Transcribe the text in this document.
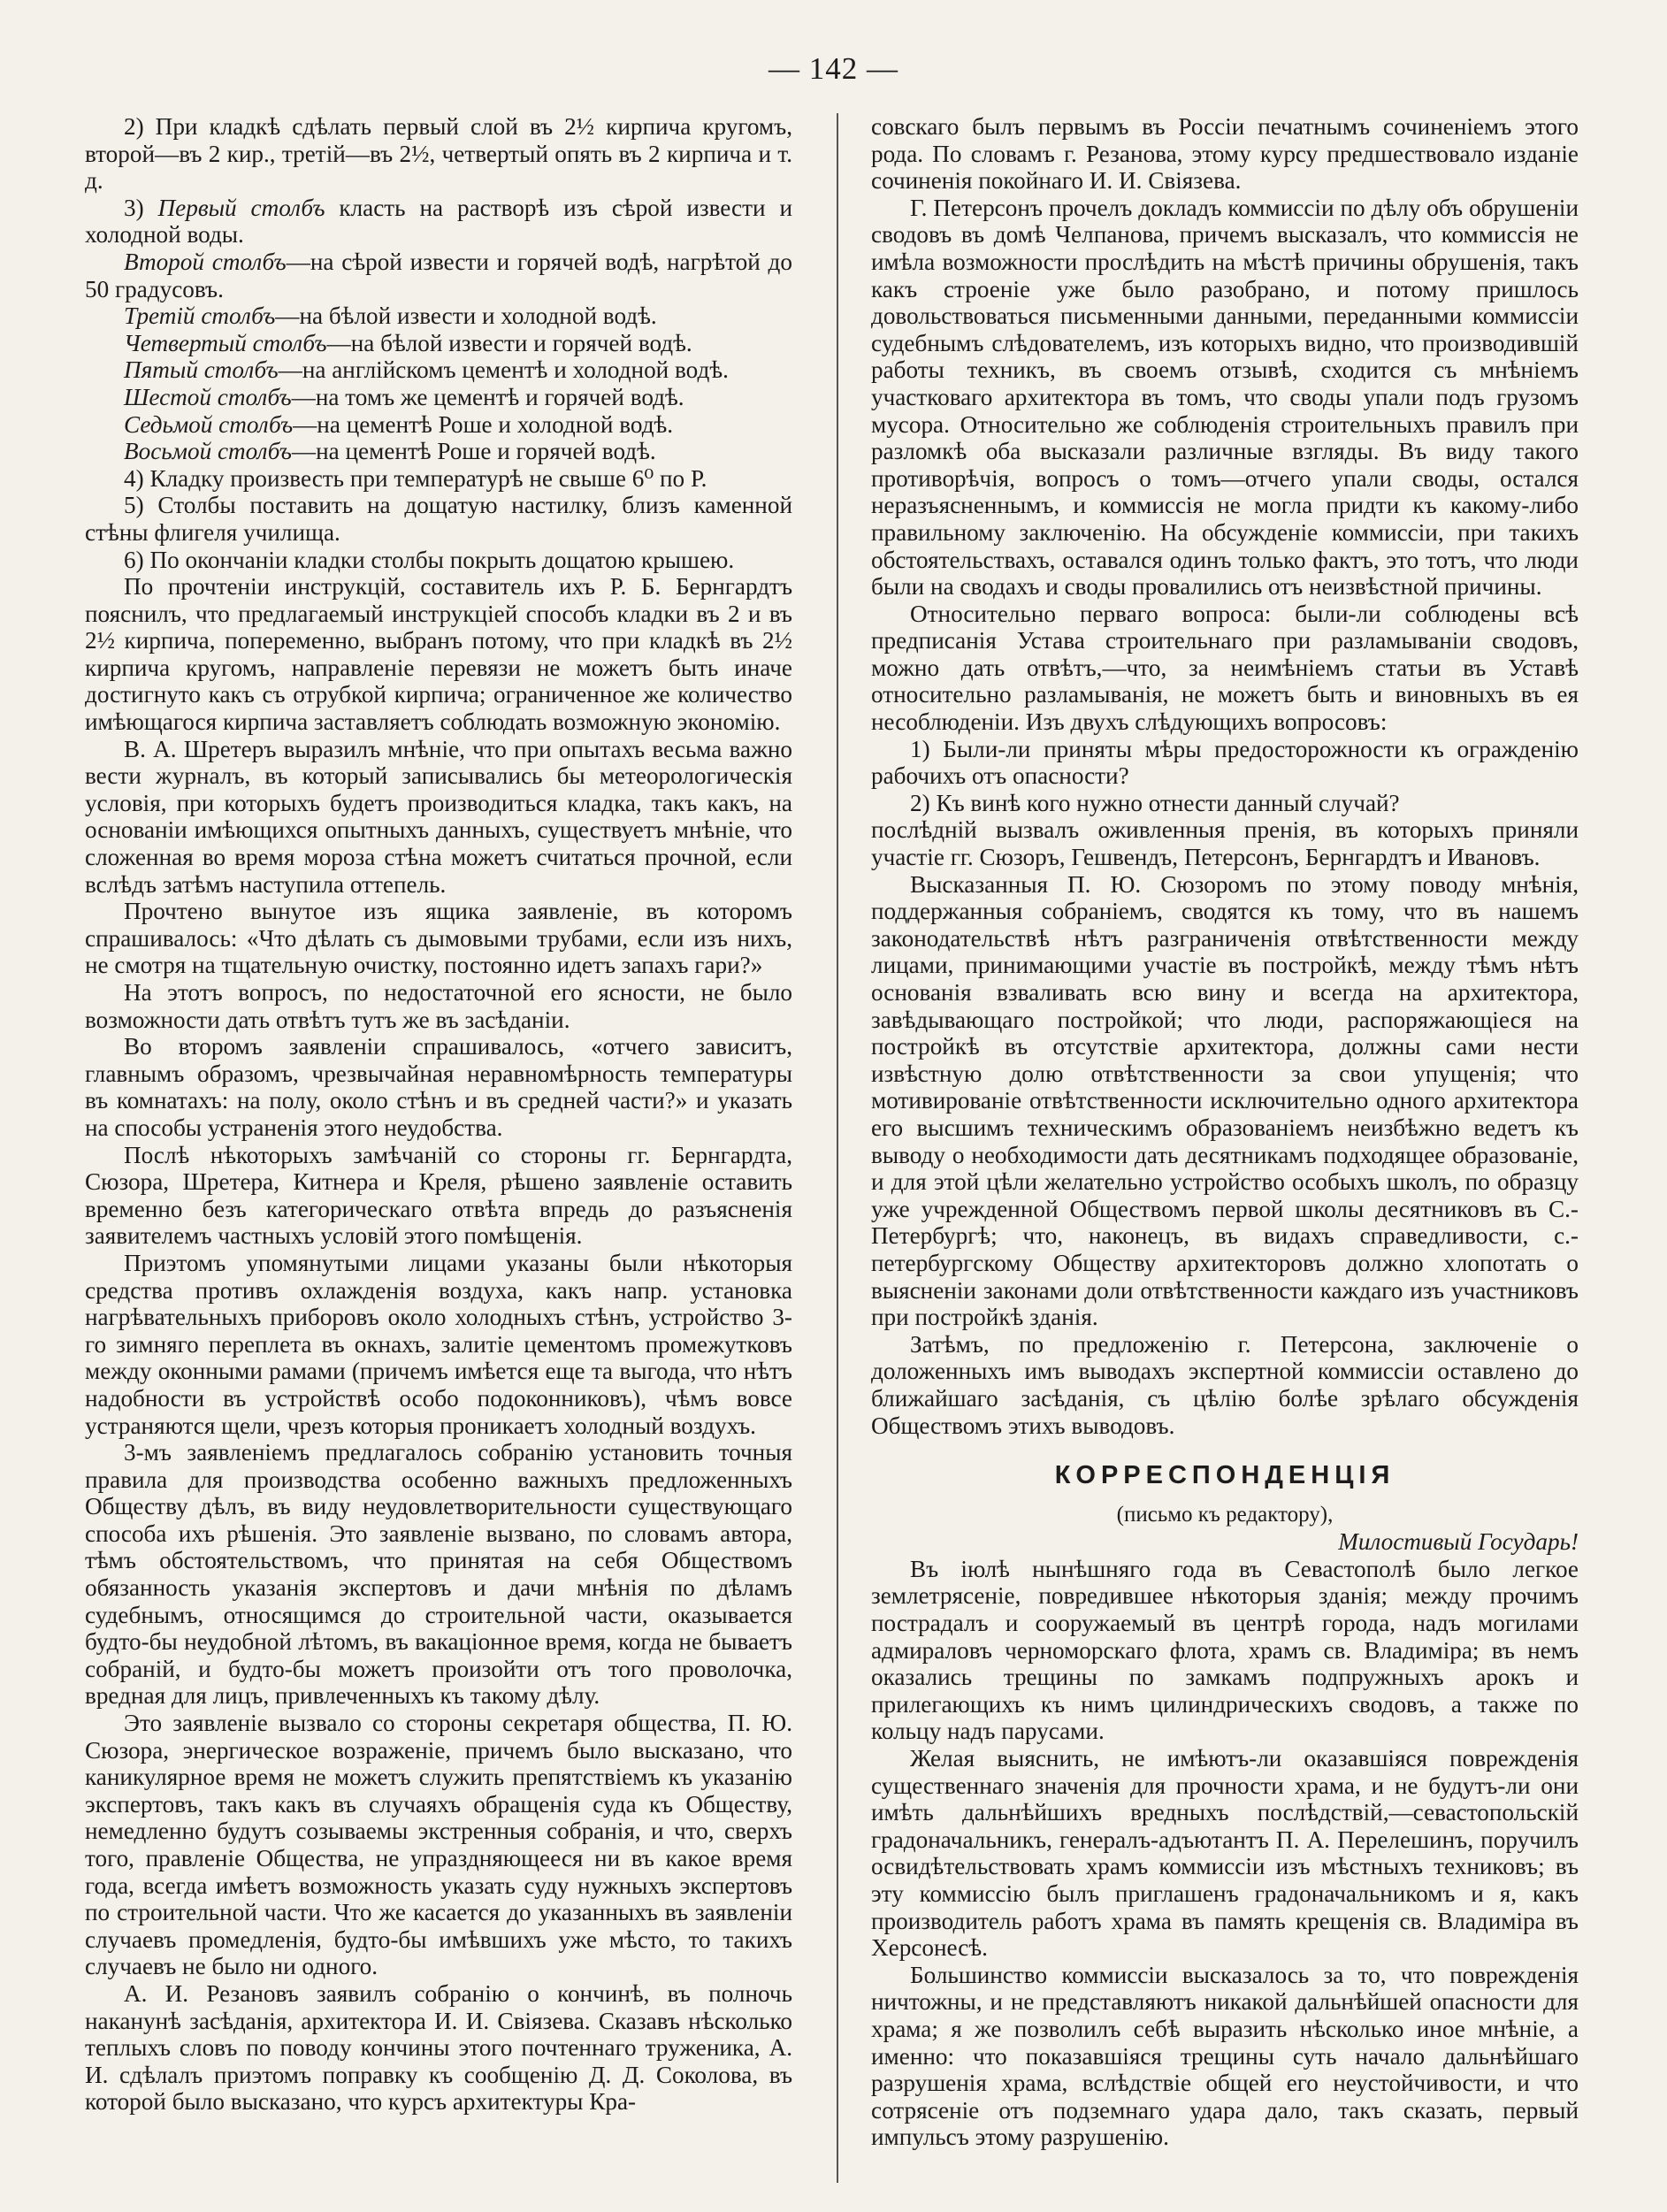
— 142 —

2) При кладкѣ сдѣлать первый слой въ 2½ кирпича кругомъ, второй—въ 2 кир., третій—въ 2½, четвертый опять въ 2 кирпича и т. д.

3) Первый столбъ класть на растворѣ изъ сѣрой извести и холодной воды.

Второй столбъ—на сѣрой извести и горячей водѣ, нагрѣтой до 50 градусовъ.

Третій столбъ—на бѣлой извести и холодной водѣ.

Четвертый столбъ—на бѣлой извести и горячей водѣ.

Пятый столбъ—на англійскомъ цементѣ и холодной водѣ.

Шестой столбъ—на томъ же цементѣ и горячей водѣ.

Седьмой столбъ—на цементѣ Роше и холодной водѣ.

Восьмой столбъ—на цементѣ Роше и горячей водѣ.

4) Кладку произвесть при температурѣ не свыше 6⁰ по Р.

5) Столбы поставить на дощатую настилку, близъ каменной стѣны флигеля училища.

6) По окончаніи кладки столбы покрыть дощатою крышею.

По прочтеніи инструкцій, составитель ихъ Р. Б. Бернгардтъ пояснилъ, что предлагаемый инструкціей способъ кладки въ 2 и въ 2½ кирпича, попеременно, выбранъ потому, что при кладкѣ въ 2½ кирпича кругомъ, направленіе перевязи не можетъ быть иначе достигнуто какъ съ отрубкой кирпича; ограниченное же количество имѣющагося кирпича заставляетъ соблюдать возможную экономію.

В. А. Шретеръ выразилъ мнѣніе, что при опытахъ весьма важно вести журналъ, въ который записывались бы метеорологическія условія, при которыхъ будетъ производиться кладка, такъ какъ, на основаніи имѣющихся опытныхъ данныхъ, существуетъ мнѣніе, что сложенная во время мороза стѣна можетъ считаться прочной, если вслѣдъ затѣмъ наступила оттепель.

Прочтено вынутое изъ ящика заявленіе, въ которомъ спрашивалось: «Что дѣлать съ дымовыми трубами, если изъ нихъ, не смотря на тщательную очистку, постоянно идетъ запахъ гари?»

На этотъ вопросъ, по недостаточной его ясности, не было возможности дать отвѣтъ тутъ же въ засѣданіи.

Во второмъ заявленіи спрашивалось, «отчего зависитъ, главнымъ образомъ, чрезвычайная неравномѣрность температуры въ комнатахъ: на полу, около стѣнъ и въ средней части?» и указать на способы устраненія этого неудобства.

Послѣ нѣкоторыхъ замѣчаній со стороны гг. Бернгардта, Сюзора, Шретера, Китнера и Креля, рѣшено заявленіе оставить временно безъ категорическаго отвѣта впредь до разъясненія заявителемъ частныхъ условій этого помѣщенія.

Приэтомъ упомянутыми лицами указаны были нѣкоторыя средства противъ охлажденія воздуха, какъ напр. установка нагрѣвательныхъ приборовъ около холодныхъ стѣнъ, устройство 3-го зимняго переплета въ окнахъ, залитіе цементомъ промежутковъ между оконными рамами (причемъ имѣется еще та выгода, что нѣтъ надобности въ устройствѣ особо подоконниковъ), чѣмъ вовсе устраняются щели, чрезъ которыя проникаетъ холодный воздухъ.

3-мъ заявленіемъ предлагалось собранію установить точныя правила для производства особенно важныхъ предложенныхъ Обществу дѣлъ, въ виду неудовлетворительности существующаго способа ихъ рѣшенія. Это заявленіе вызвано, по словамъ автора, тѣмъ обстоятельствомъ, что принятая на себя Обществомъ обязанность указанія экспертовъ и дачи мнѣнія по дѣламъ судебнымъ, относящимся до строительной части, оказывается будто-бы неудобной лѣтомъ, въ вакаціонное время, когда не бываетъ собраній, и будто-бы можетъ произойти отъ того проволочка, вредная для лицъ, привлеченныхъ къ такому дѣлу.

Это заявленіе вызвало со стороны секретаря общества, П. Ю. Сюзора, энергическое возраженіе, причемъ было высказано, что каникулярное время не можетъ служить препятствіемъ къ указанію экспертовъ, такъ какъ въ случаяхъ обращенія суда къ Обществу, немедленно будутъ созываемы экстренныя собранія, и что, сверхъ того, правленіе Общества, не упраздняющееся ни въ какое время года, всегда имѣетъ возможность указать суду нужныхъ экспертовъ по строительной части. Что же касается до указанныхъ въ заявленіи случаевъ промедленія, будто-бы имѣвшихъ уже мѣсто, то такихъ случаевъ не было ни одного.

А. И. Резановъ заявилъ собранію о кончинѣ, въ полночь наканунѣ засѣданія, архитектора И. И. Свіязева. Сказавъ нѣсколько теплыхъ словъ по поводу кончины этого почтеннаго труженика, А. И. сдѣлалъ приэтомъ поправку къ сообщенію Д. Д. Соколова, въ которой было высказано, что курсъ архитектуры Кра-

совскаго былъ первымъ въ Россіи печатнымъ сочиненіемъ этого рода. По словамъ г. Резанова, этому курсу предшествовало изданіе сочиненія покойнаго И. И. Свіязева.

Г. Петерсонъ прочелъ докладъ коммиссіи по дѣлу объ обрушеніи сводовъ въ домѣ Челпанова, причемъ высказалъ, что коммиссія не имѣла возможности прослѣдить на мѣстѣ причины обрушенія, такъ какъ строеніе уже было разобрано, и потому пришлось довольствоваться письменными данными, переданными коммиссіи судебнымъ слѣдователемъ, изъ которыхъ видно, что производившій работы техникъ, въ своемъ отзывѣ, сходится съ мнѣніемъ участковаго архитектора въ томъ, что своды упали подъ грузомъ мусора. Относительно же соблюденія строительныхъ правилъ при разломкѣ оба высказали различные взгляды. Въ виду такого противорѣчія, вопросъ о томъ—отчего упали своды, остался неразъясненнымъ, и коммиссія не могла придти къ какому-либо правильному заключенію. На обсужденіе коммиссіи, при такихъ обстоятельствахъ, оставался одинъ только фактъ, это тотъ, что люди были на сводахъ и своды провалились отъ неизвѣстной причины.

Относительно перваго вопроса: были-ли соблюдены всѣ предписанія Устава строительнаго при разламываніи сводовъ, можно дать отвѣтъ,—что, за неимѣніемъ статьи въ Уставѣ относительно разламыванія, не можетъ быть и виновныхъ въ ея несоблюденіи. Изъ двухъ слѣдующихъ вопросовъ:

1) Были-ли приняты мѣры предосторожности къ огражденію рабочихъ отъ опасности?

2) Къ винѣ кого нужно отнести данный случай?

послѣдній вызвалъ оживленныя пренія, въ которыхъ приняли участіе гг. Сюзоръ, Гешвендъ, Петерсонъ, Бернгардтъ и Ивановъ.

Высказанныя П. Ю. Сюзоромъ по этому поводу мнѣнія, поддержанныя собраніемъ, сводятся къ тому, что въ нашемъ законодательствѣ нѣтъ разграниченія отвѣтственности между лицами, принимающими участіе въ постройкѣ, между тѣмъ нѣтъ основанія взваливать всю вину и всегда на архитектора, завѣдывающаго постройкой; что люди, распоряжающіеся на постройкѣ въ отсутствіе архитектора, должны сами нести извѣстную долю отвѣтственности за свои упущенія; что мотивированіе отвѣтственности исключительно одного архитектора его высшимъ техническимъ образованіемъ неизбѣжно ведетъ къ выводу о необходимости дать десятникамъ подходящее образованіе, и для этой цѣли желательно устройство особыхъ школъ, по образцу уже учрежденной Обществомъ первой школы десятниковъ въ С.-Петербургѣ; что, наконецъ, въ видахъ справедливости, с.-петербургскому Обществу архитекторовъ должно хлопотать о выясненіи законами доли отвѣтственности каждаго изъ участниковъ при постройкѣ зданія.

Затѣмъ, по предложенію г. Петерсона, заключеніе о доложенныхъ имъ выводахъ экспертной коммиссіи оставлено до ближайшаго засѣданія, съ цѣлію болѣе зрѣлаго обсужденія Обществомъ этихъ выводовъ.

КОРРЕСПОНДЕНЦІЯ

(письмо къ редактору),

Милостивый Государь!

Въ іюлѣ нынѣшняго года въ Севастополѣ было легкое землетрясеніе, повредившее нѣкоторыя зданія; между прочимъ пострадалъ и сооружаемый въ центрѣ города, надъ могилами адмираловъ черноморскаго флота, храмъ св. Владиміра; въ немъ оказались трещины по замкамъ подпружныхъ арокъ и прилегающихъ къ нимъ цилиндрическихъ сводовъ, а также по кольцу надъ парусами.

Желая выяснить, не имѣютъ-ли оказавшіяся поврежденія существеннаго значенія для прочности храма, и не будутъ-ли они имѣть дальнѣйшихъ вредныхъ послѣдствій,—севастопольскій градоначальникъ, генералъ-адъютантъ П. А. Перелешинъ, поручилъ освидѣтельствовать храмъ коммиссіи изъ мѣстныхъ техниковъ; въ эту коммиссію былъ приглашенъ градоначальникомъ и я, какъ производитель работъ храма въ память крещенія св. Владиміра въ Херсонесѣ.

Большинство коммиссіи высказалось за то, что поврежденія ничтожны, и не представляютъ никакой дальнѣйшей опасности для храма; я же позволилъ себѣ выразить нѣсколько иное мнѣніе, а именно: что показавшіяся трещины суть начало дальнѣйшаго разрушенія храма, вслѣдствіе общей его неустойчивости, и что сотрясеніе отъ подземнаго удара дало, такъ сказать, первый импульсъ этому разрушенію.
